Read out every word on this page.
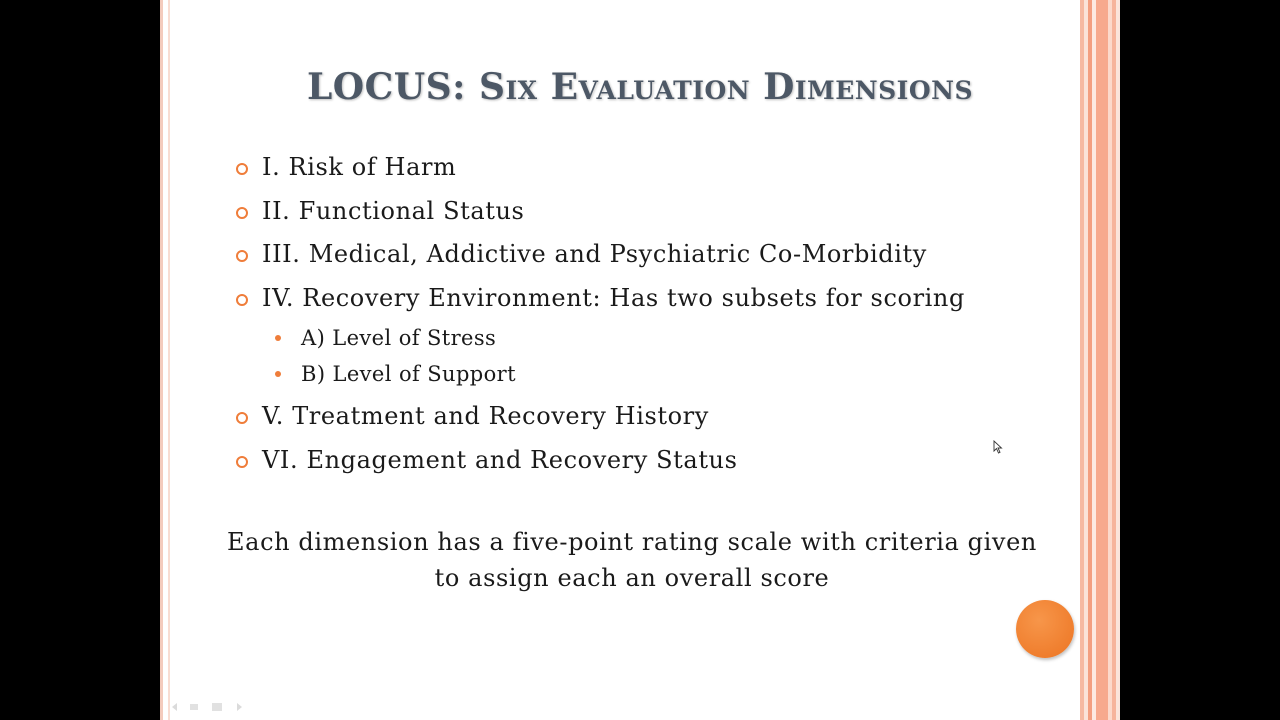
LOCUS: Six Evaluation Dimensions
I. Risk of Harm
II. Functional Status
III. Medical, Addictive and Psychiatric Co-Morbidity
IV. Recovery Environment: Has two subsets for scoring
A) Level of Stress
B) Level of Support
V. Treatment and Recovery History
VI. Engagement and Recovery Status
Each dimension has a five-point rating scale with criteria given to assign each an overall score
